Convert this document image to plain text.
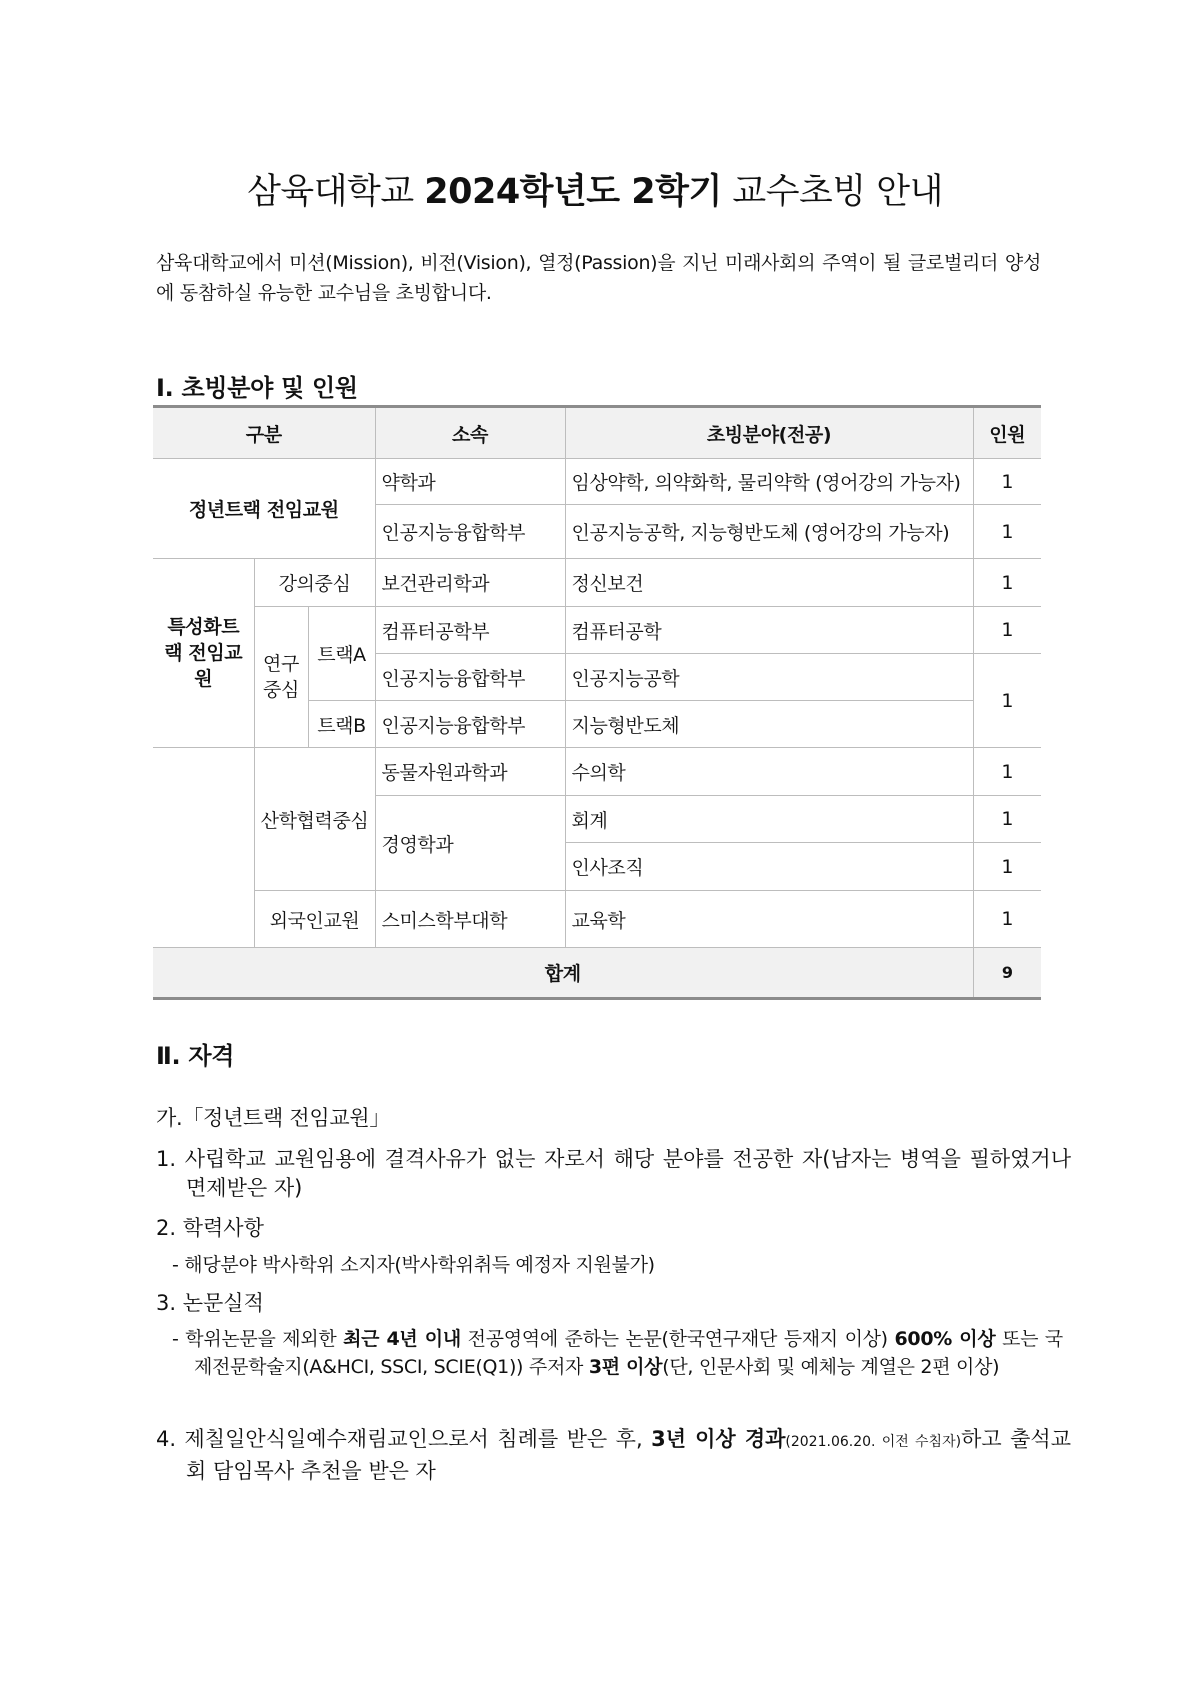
삼육대학교 2024학년도 2학기 교수초빙 안내
삼육대학교에서 미션(Mission), 비전(Vision), 열정(Passion)을 지닌 미래사회의 주역이 될 글로벌리더 양성에 동참하실 유능한 교수님을 초빙합니다.
Ⅰ. 초빙분야 및 인원
구분			소속	초빙분야(전공)	인원
정년트랙 전임교원			약학과	임상약학, 의약화학, 물리약학 (영어강의 가능자)	1
			인공지능융합학부	인공지능공학, 지능형반도체 (영어강의 가능자)	1
특성화트랙 전임교원	강의중심		보건관리학과	정신보건	1
	연구중심	트랙A	컴퓨터공학부	컴퓨터공학	1
			인공지능융합학부	인공지능공학	1
		트랙B	인공지능융합학부	지능형반도체	
	산학협력중심		동물자원과학과	수의학	1
			경영학과	회계	1
				인사조직	1
	외국인교원		스미스학부대학	교육학	1
합계					9
Ⅱ. 자격
가.「정년트랙 전임교원」
1. 사립학교 교원임용에 결격사유가 없는 자로서 해당 분야를 전공한 자(남자는 병역을 필하였거나 면제받은 자)
2. 학력사항
- 해당분야 박사학위 소지자(박사학위취득 예정자 지원불가)
3. 논문실적
- 학위논문을 제외한 최근 4년 이내 전공영역에 준하는 논문(한국연구재단 등재지 이상) 600% 이상 또는 국제전문학술지(A&HCI, SSCI, SCIE(Q1)) 주저자 3편 이상(단, 인문사회 및 예체능 계열은 2편 이상)
4. 제칠일안식일예수재림교인으로서 침례를 받은 후, 3년 이상 경과(2021.06.20. 이전 수침자)하고 출석교회 담임목사 추천을 받은 자
